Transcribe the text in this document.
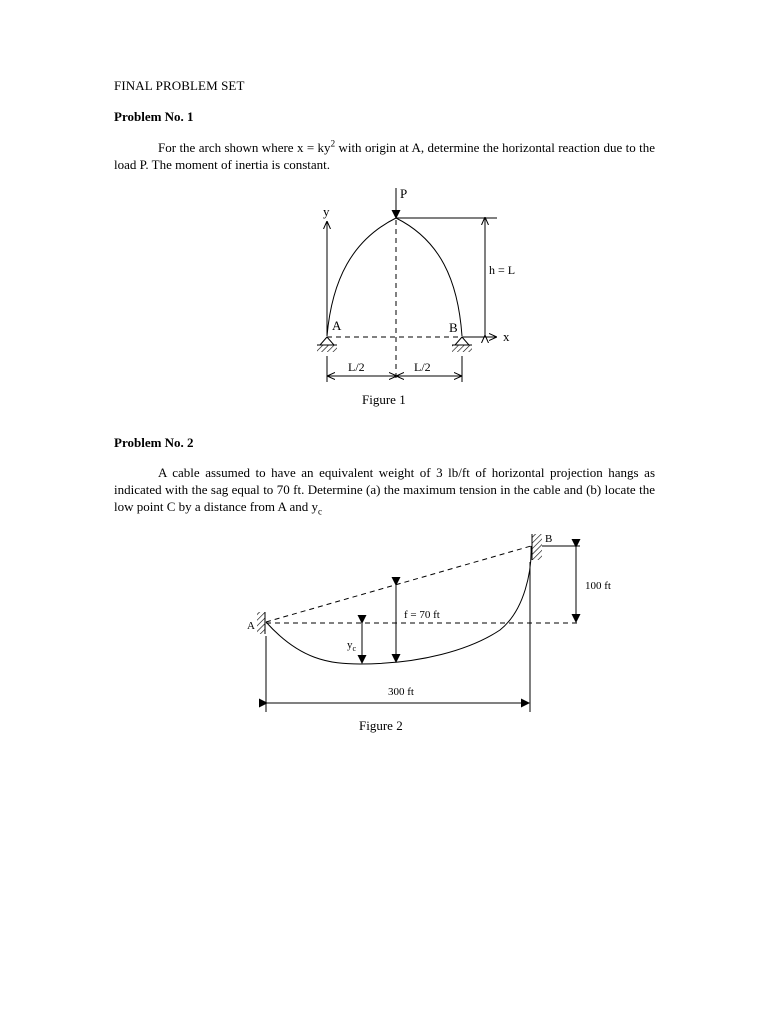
FINAL PROBLEM SET
Problem No. 1
For the arch shown where $x = ky^2$ with origin at A, determine the horizontal reaction due to the load P. The moment of inertia is constant.
y
P
h = L
x
A	B
L/2	L/2
Figure 1
Problem No. 2
A cable assumed to have an equivalent weight of 3 lb/ft of horizontal projection hangs as indicated with the sag equal to 70 ft. Determine (a) the maximum tension in the cable and (b) locate the low point C by a distance from A and $y_c$
A
B
100 ft
f = 70 ft
$y_c$
300 ft
Figure 2
